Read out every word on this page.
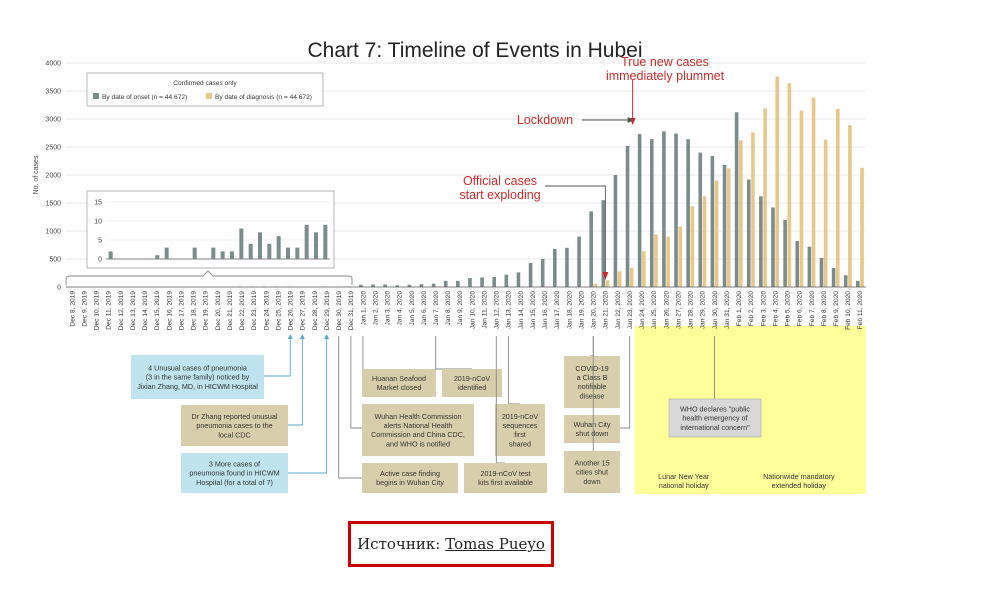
Lunar New Year national holiday
Nationwide mandatory extended holiday
0
500
1000
1500
2000
2500
3000
3500
4000
No. of cases
Dec 8, 2019 Dec 9, 2019 Dec 10, 2019 Dec 11, 2019 Dec 12, 2019 Dec 13, 2019 Dec 14, 2019 Dec 15, 2019 Dec 16, 2019 Dec 17, 2019 Dec 18, 2019 Dec 19, 2019 Dec 20, 2019 Dec 21, 2019 Dec 22, 2019 Dec 23, 2019 Dec 24, 2019 Dec 25, 2019 Dec 26, 2019 Dec 27, 2019 Dec 28, 2019 Dec 29, 2019 Dec 30, 2019 Dec 31, 2019 Jan 1, 2020 Jan 2, 2020 Jan 3, 2020 Jan 4, 2020 Jan 5, 2020 Jan 6, 2020 Jan 7, 2020 Jan 8, 2020 Jan 9, 2020 Jan 10, 2020 Jan 11, 2020 Jan 12, 2020 Jan 13, 2020 Jan 14, 2020 Jan 15, 2020 Jan 16, 2020 Jan 17, 2020 Jan 18, 2020 Jan 19, 2020 Jan 20, 2020 Jan 21, 2020 Jan 22, 2020 Jan 23, 2020 Jan 24, 2020 Jan 25, 2020 Jan 26, 2020 Jan 27, 2020 Jan 28, 2020 Jan 29, 2020 Jan 30, 2020 Jan 31, 2020 Feb 1, 2020 Feb 2, 2020 Feb 3, 2020 Feb 4, 2020 Feb 5, 2020 Feb 6, 2020 Feb 7, 2020 Feb 8, 2020 Feb 9, 2020 Feb 10, 2020 Feb 11, 2020
Confirmed cases only
By date of onset (n = 44 672)	By date of diagnosis (n = 44 672)
0
5
10
15
True new cases immediately plummet
Lockdown
Official cases start exploding
4 Unusual cases of pneumonia (3 in the same family) noticed by Jixian Zhang, MD, in HICWM Hospital
Dr Zhang reported unusual pneumonia cases to the local CDC
3 More cases of pneumonia found in HICWM Hospital (for a total of 7)
Huanan Seafood Market closed
2019-nCoV identified
Wuhan Health Commission alerts National Health Commission and China CDC, and WHO is notified
2019-nCoV sequences first shared
Active case finding begins in Wuhan City
2019-nCoV test kits first available
COVID-19 a Class B notifiable disease
Wuhan City shut down
Another 15 cities shut down
WHO declares "public health emergency of international concern"
Chart 7: Timeline of Events in Hubei
Источник: Tomas Pueyo
